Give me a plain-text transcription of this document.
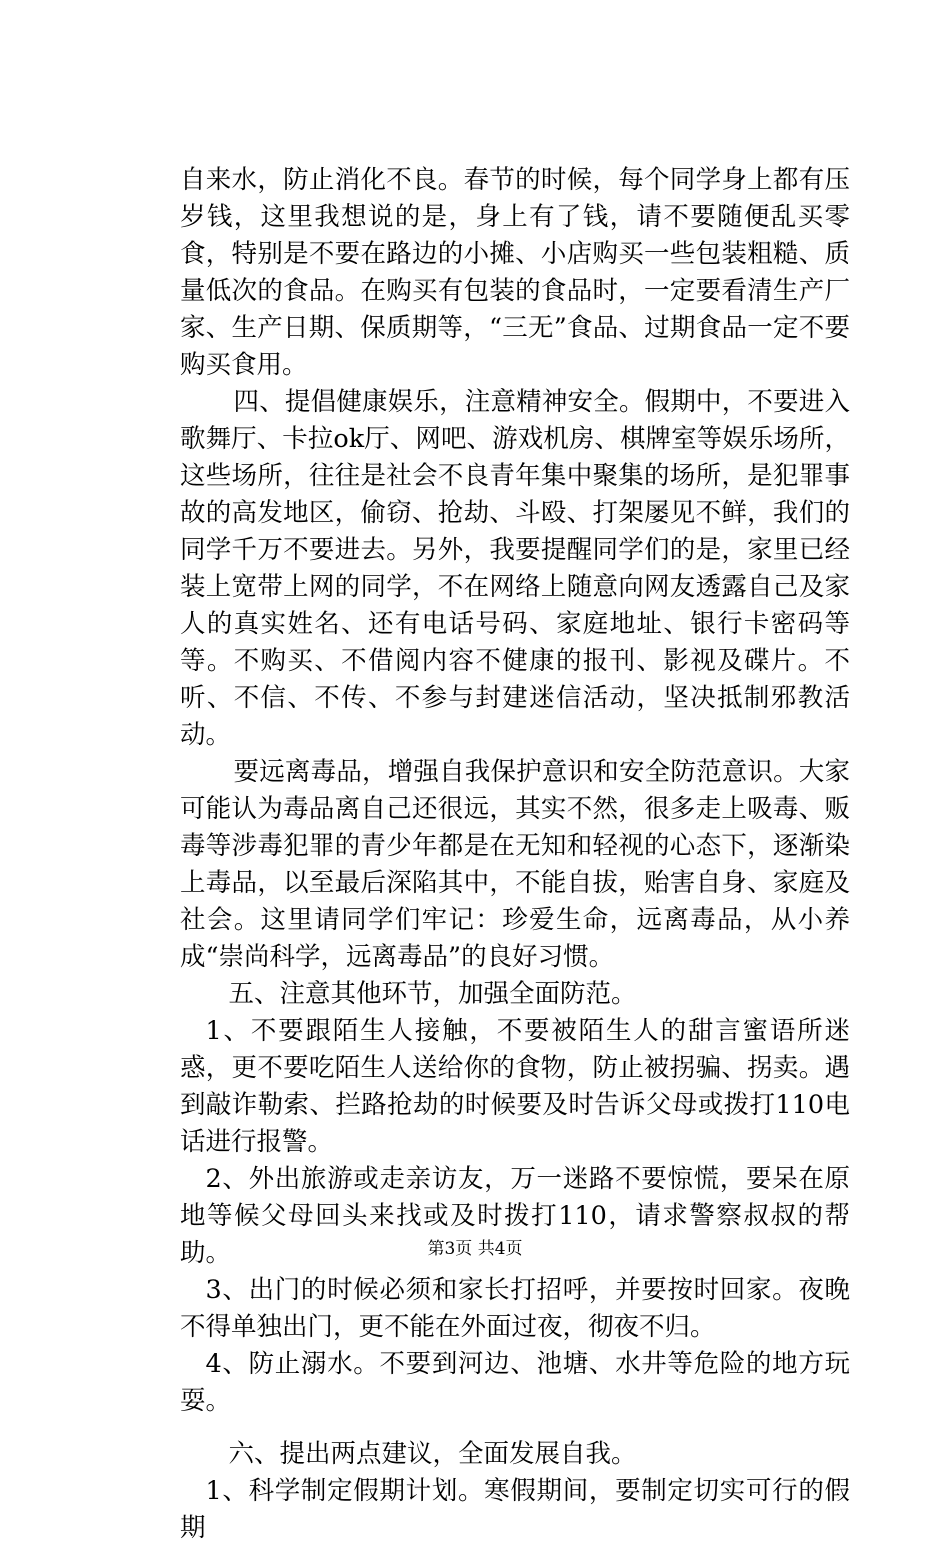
自来水，防止消化不良。春节的时候，每个同学身上都有压岁钱，这里我想说的是，身上有了钱，请不要随便乱买零食，特别是不要在路边的小摊、小店购买一些包装粗糙、质量低次的食品。在购买有包装的食品时，一定要看清生产厂家、生产日期、保质期等，“三无”食品、过期食品一定不要购买食用。

四、提倡健康娱乐，注意精神安全。假期中，不要进入歌舞厅、卡拉ok厅、网吧、游戏机房、棋牌室等娱乐场所，这些场所，往往是社会不良青年集中聚集的场所，是犯罪事故的高发地区，偷窃、抢劫、斗殴、打架屡见不鲜，我们的同学千万不要进去。另外，我要提醒同学们的是，家里已经装上宽带上网的同学，不在网络上随意向网友透露自己及家人的真实姓名、还有电话号码、家庭地址、银行卡密码等等。不购买、不借阅内容不健康的报刊、影视及碟片。不听、不信、不传、不参与封建迷信活动，坚决抵制邪教活动。

要远离毒品，增强自我保护意识和安全防范意识。大家可能认为毒品离自己还很远，其实不然，很多走上吸毒、贩毒等涉毒犯罪的青少年都是在无知和轻视的心态下，逐渐染上毒品，以至最后深陷其中，不能自拔，贻害自身、家庭及社会。这里请同学们牢记：珍爱生命，远离毒品，从小养成“崇尚科学，远离毒品”的良好习惯。

五、注意其他环节，加强全面防范。

1、不要跟陌生人接触，不要被陌生人的甜言蜜语所迷惑，更不要吃陌生人送给你的食物，防止被拐骗、拐卖。遇到敲诈勒索、拦路抢劫的时候要及时告诉父母或拨打110电话进行报警。

2、外出旅游或走亲访友，万一迷路不要惊慌，要呆在原地等候父母回头来找或及时拨打110，请求警察叔叔的帮助。

3、出门的时候必须和家长打招呼，并要按时回家。夜晚不得单独出门，更不能在外面过夜，彻夜不归。

4、防止溺水。不要到河边、池塘、水井等危险的地方玩耍。

六、提出两点建议，全面发展自我。

1、科学制定假期计划。寒假期间，要制定切实可行的假期

第3页 共4页
